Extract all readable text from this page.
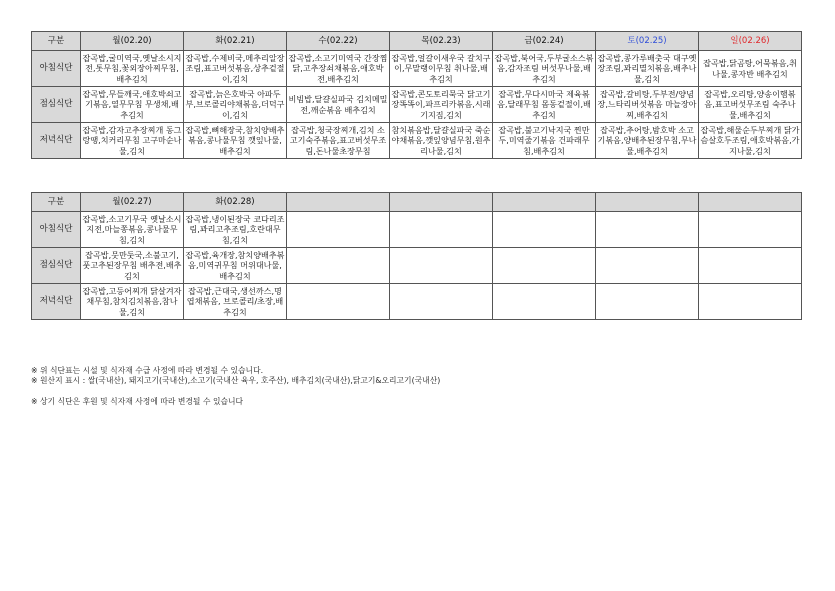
구분	월(02.20)	화(02.21)	수(02.22)	목(02.23)	금(02.24)	토(02.25)	일(02.26)
아침식단	잡곡밥,굴미역국,옛날소시지전,톳무침,꽃외장아찌무침,배추김치	잡곡밥,수제비국,메추리알장조림,표고버섯볶음,상추겉절이,김치	잡곡밥,소고기미역국 간장찜닭,고추장쇠채볶음,애호박전,배추김치	잡곡밥,얼갈이새우국 갈치구이,무말랭이무침 취나물,배추김치	잡곡밥,북어국,두부굴소스볶음,감자조림 버섯무나물,배추김치	잡곡밥,콩가루배춧국 대구옛장조림,꽈리멸치볶음,배추나물,김치	잡곡밥,닭곰탕,어묵볶음,취나물,콩자반 배추김치
점심식단	잡곡밥,무들깨국,애호박쇠고기볶음,열무무침 무생채,배추김치	잡곡밥,늙은호박국 아파두부,브로콜리야채볶음,더덕구이,김치	비빔밥,달걀실파국 김치메밀전,깨순볶음 배추김치	잡곡밥,콘도토리묵국 닭고기장똑똑이,파프리카볶음,시래기지짐,김치	잡곡밥,무다시마국 제육볶음,달래무침 몸동겉절이,배추김치	잡곡밥,갈비탕,두부전/양념장,느타리버섯볶음 마늘장아찌,배추김치	잡곡밥,오리탕,양송이햄볶음,표고버섯무조림 숙주나물,배추김치
저녁식단	잡곡밥,감자고추장찌개 동그랑땡,치커리무침 고구마순나물,김치	잡곡밥,뼈해장국,참치양배추볶음,콩나물무침 깻잎나물,배추김치	잡곡밥,청국장찌개,김치 소고기숙주볶음,표고버섯무조림,돈나물초장무침	참치볶음밥,달걀실파국 죽순야채볶음,깻잎양념무침,원추리나물,김치	잡곡밥,불고기낙지국 찐만두,미역줄기볶음 건파래무침,배추김치	잡곡밥,추어탕,밤호박 소고기볶음,양배추된장무침,무나물,배추김치	잡곡밥,해물순두부찌개 닭가슴살호두조림,애호박볶음,가지나물,김치
구분	월(02.27)	화(02.28)					
아침식단	잡곡밥,소고기무국 옛날소시지전,마늘쫑볶음,콩나물무침,김치	잡곡밥,냉이된장국 코다리조림,꽈리고추조림,호란대무침,김치					
점심식단	잡곡밥,뭇만둣국,소불고기,풋고추된장무침 배추전,배추김치	잡곡밥,육개장,참치양배추볶음,미역귀무침 머위대나물,배추김치					
저녁식단	잡곡밥,고등어찌개 닭살겨자채무침,참치김치볶음,참나물,김치	잡곡밥,근대국,생선까스,명엽채볶음, 브로콜리/초장,배추김치					
※ 위 식단표는 시설 및 식자재 수급 사정에 따라 변경될 수 있습니다.
※ 원산지 표시 : 쌀(국내산), 돼지고기(국내산),소고기(국내산 육우, 호주산), 배추김치(국내산),닭고기&오리고기(국내산)
※ 상기 식단은 후원 및 식자재 사정에 따라 변경될 수 있습니다
